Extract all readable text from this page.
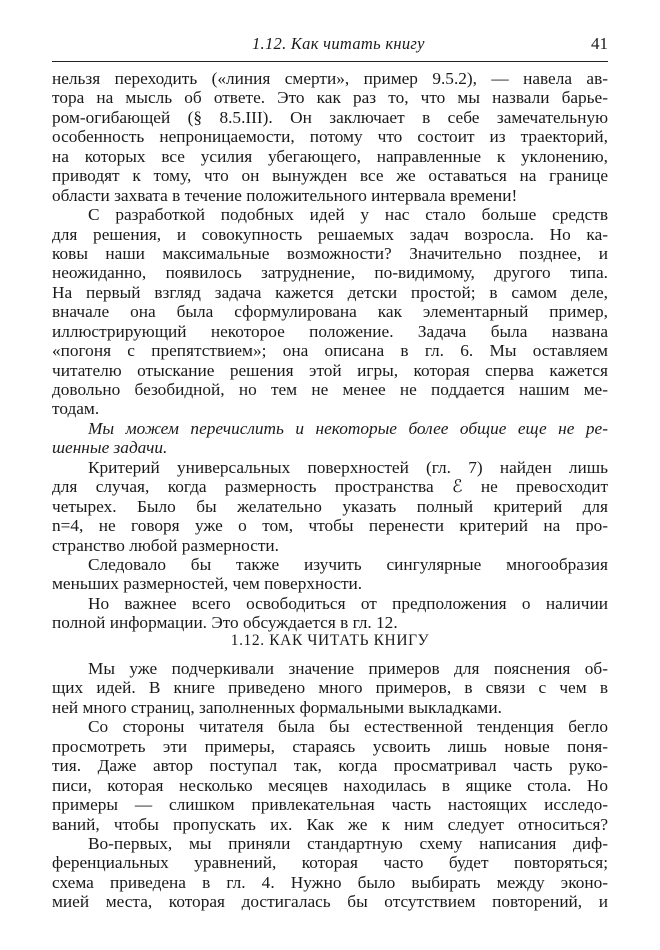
1.12. Как читать книгу	41
нельзя переходить («линия смерти», пример 9.5.2), — навела ав-
тора на мысль об ответе. Это как раз то, что мы назвали барье-
ром-огибающей (§ 8.5.III). Он заключает в себе замечательную
особенность непроницаемости, потому что состоит из траекторий,
на которых все усилия убегающего, направленные к уклонению,
приводят к тому, что он вынужден все же оставаться на границе
области захвата в течение положительного интервала времени!
С разработкой подобных идей у нас стало больше средств
для решения, и совокупность решаемых задач возросла. Но ка-
ковы наши максимальные возможности? Значительно позднее, и
неожиданно, появилось затруднение, по-видимому, другого типа.
На первый взгляд задача кажется детски простой; в самом деле,
вначале она была сформулирована как элементарный пример,
иллюстрирующий некоторое положение. Задача была названа
«погоня с препятствием»; она описана в гл. 6. Мы оставляем
читателю отыскание решения этой игры, которая сперва кажется
довольно безобидной, но тем не менее не поддается нашим ме-
тодам.
Мы можем перечислить и некоторые более общие еще не ре-
шенные задачи.
Критерий универсальных поверхностей (гл. 7) найден лишь
для случая, когда размерность пространства ℰ не превосходит
четырех. Было бы желательно указать полный критерий для
n=4, не говоря уже о том, чтобы перенести критерий на про-
странство любой размерности.
Следовало бы также изучить сингулярные многообразия
меньших размерностей, чем поверхности.
Но важнее всего освободиться от предположения о наличии
полной информации. Это обсуждается в гл. 12.
1.12. КАК ЧИТАТЬ КНИГУ
Мы уже подчеркивали значение примеров для пояснения об-
щих идей. В книге приведено много примеров, в связи с чем в
ней много страниц, заполненных формальными выкладками.
Со стороны читателя была бы естественной тенденция бегло
просмотреть эти примеры, стараясь усвоить лишь новые поня-
тия. Даже автор поступал так, когда просматривал часть руко-
писи, которая несколько месяцев находилась в ящике стола. Но
примеры — слишком привлекательная часть настоящих исследо-
ваний, чтобы пропускать их. Как же к ним следует относиться?
Во-первых, мы приняли стандартную схему написания диф-
ференциальных уравнений, которая часто будет повторяться;
схема приведена в гл. 4. Нужно было выбирать между эконо-
мией места, которая достигалась бы отсутствием повторений, и
